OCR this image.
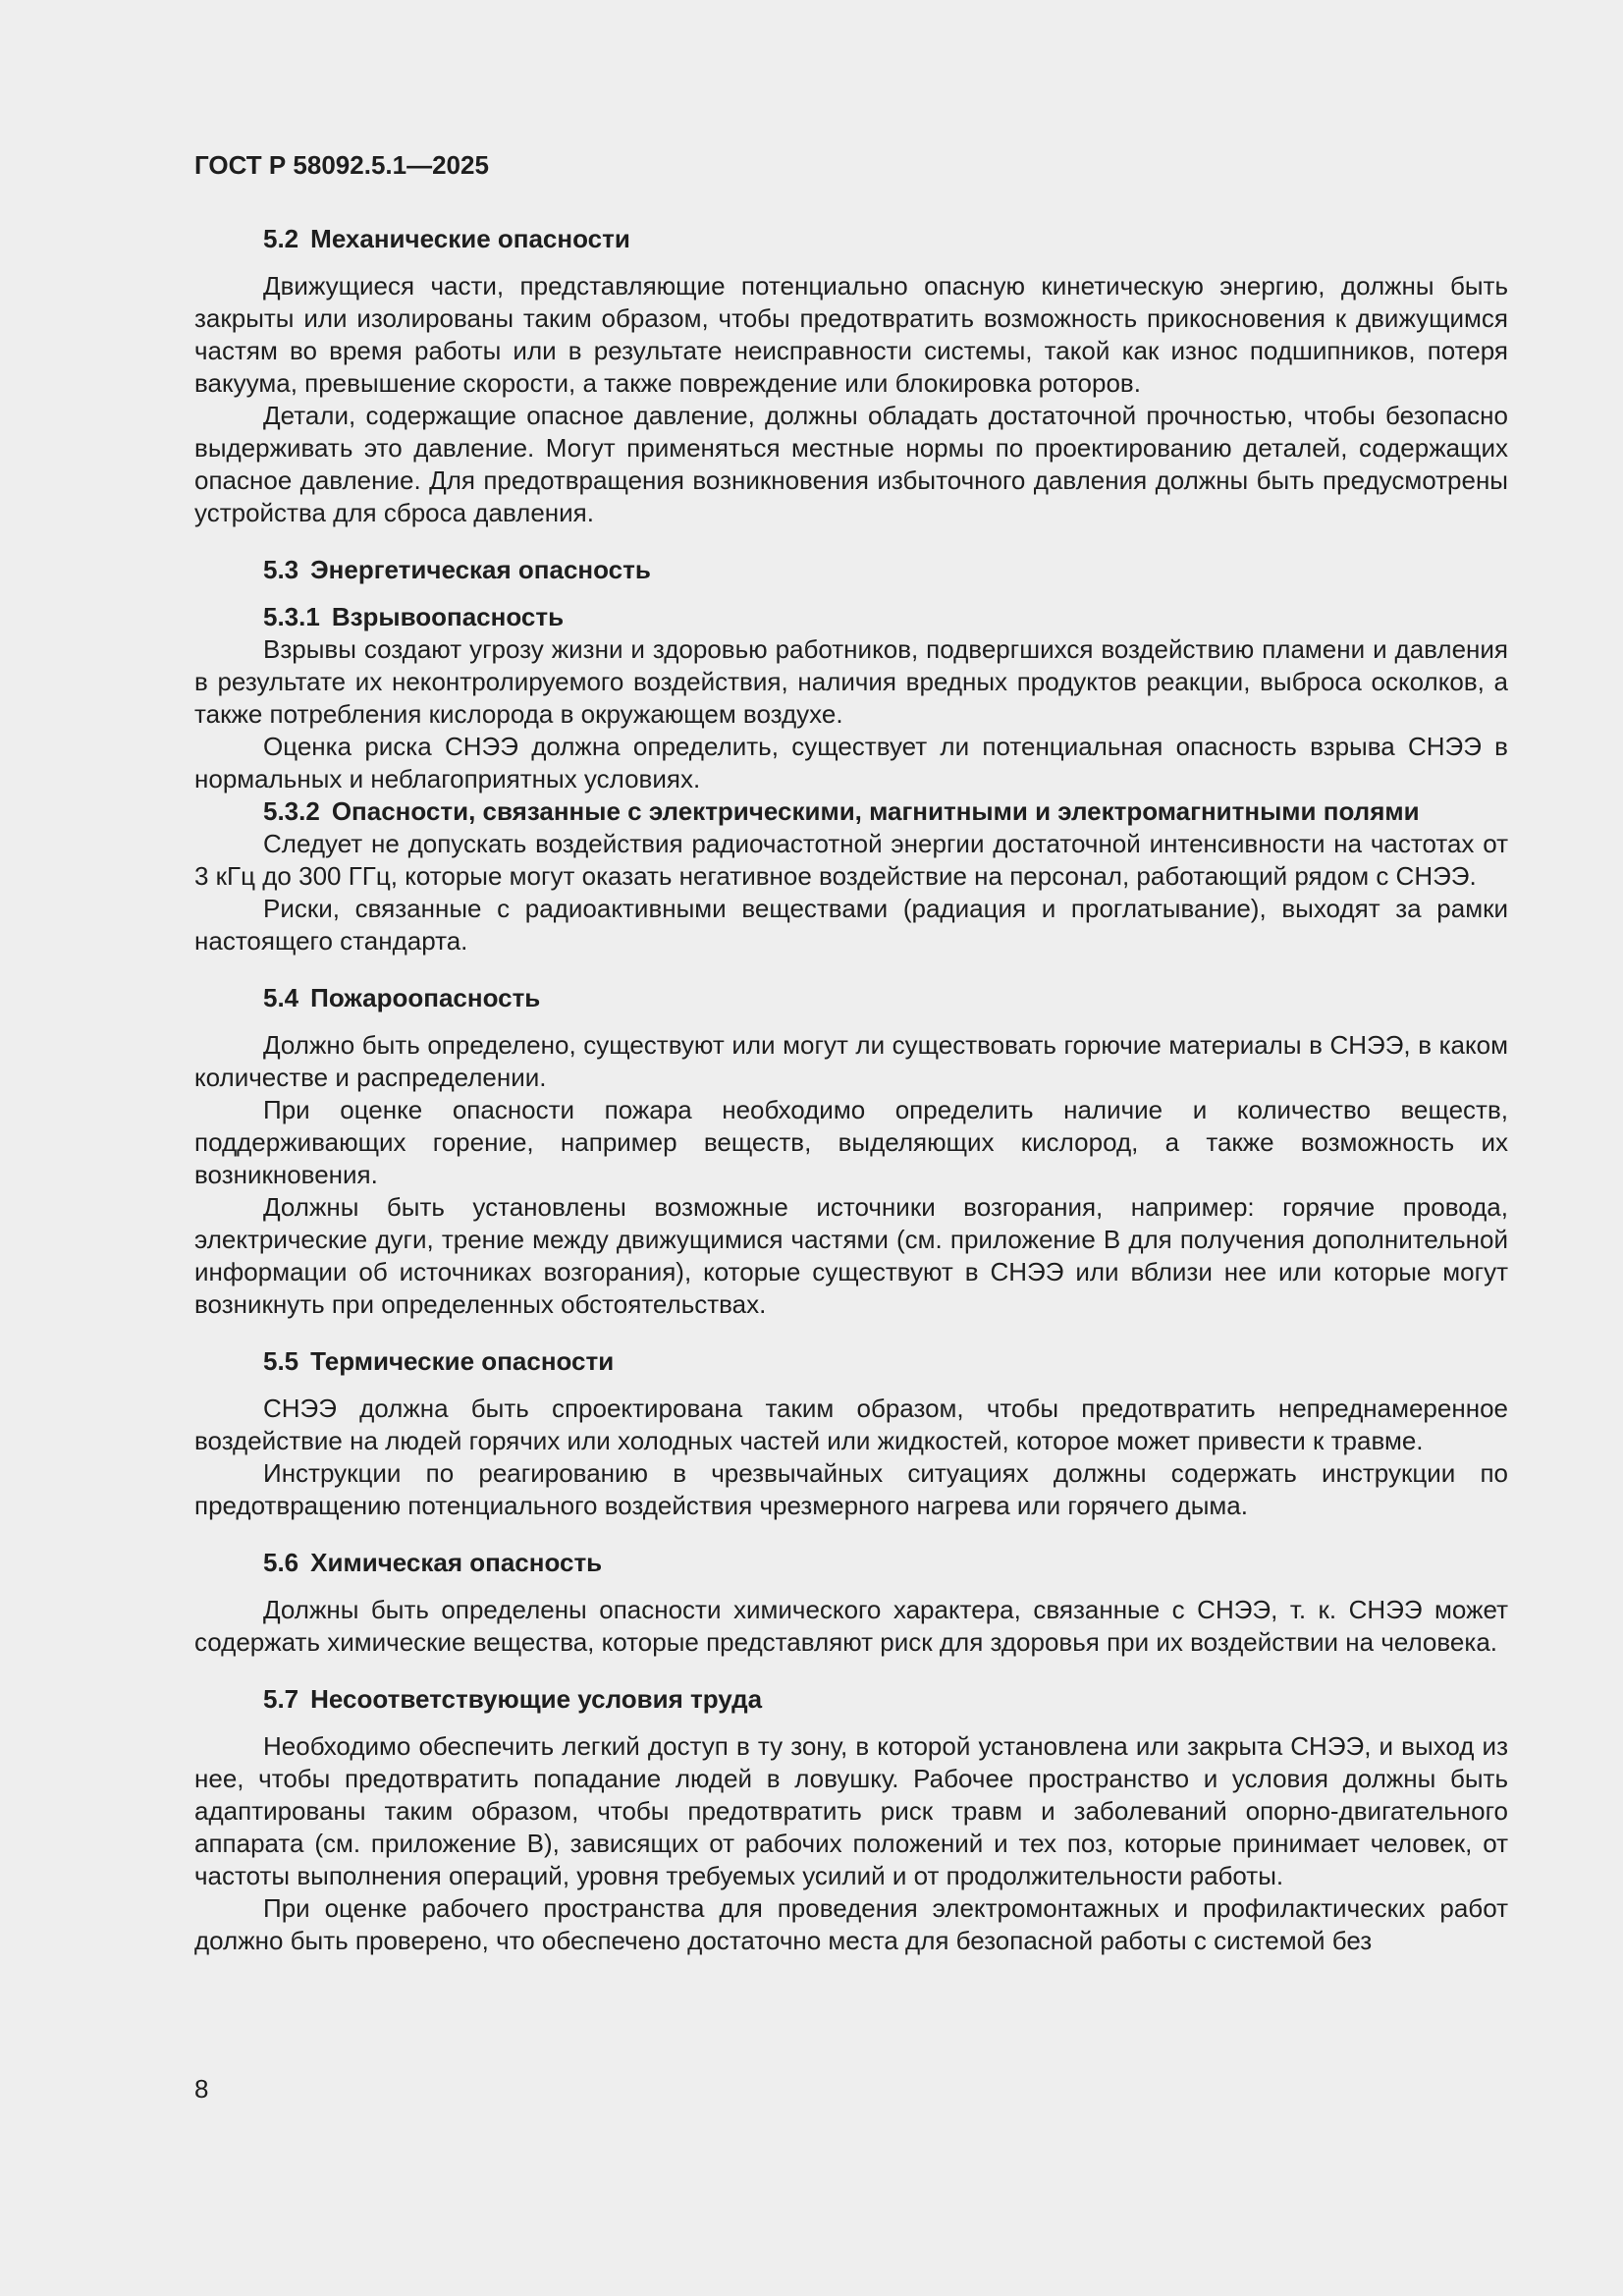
ГОСТ Р 58092.5.1—2025
5.2 Механические опасности

Движущиеся части, представляющие потенциально опасную кинетическую энергию, должны быть закрыты или изолированы таким образом, чтобы предотвратить возможность прикосновения к движущимся частям во время работы или в результате неисправности системы, такой как износ подшипников, потеря вакуума, превышение скорости, а также повреждение или блокировка роторов.

Детали, содержащие опасное давление, должны обладать достаточной прочностью, чтобы безопасно выдерживать это давление. Могут применяться местные нормы по проектированию деталей, содержащих опасное давление. Для предотвращения возникновения избыточного давления должны быть предусмотрены устройства для сброса давления.

5.3 Энергетическая опасность
5.3.1 Взрывоопасность

Взрывы создают угрозу жизни и здоровью работников, подвергшихся воздействию пламени и давления в результате их неконтролируемого воздействия, наличия вредных продуктов реакции, выброса осколков, а также потребления кислорода в окружающем воздухе.

Оценка риска СНЭЭ должна определить, существует ли потенциальная опасность взрыва СНЭЭ в нормальных и неблагоприятных условиях.

5.3.2 Опасности, связанные с электрическими, магнитными и электромагнитными полями

Следует не допускать воздействия радиочастотной энергии достаточной интенсивности на частотах от 3 кГц до 300 ГГц, которые могут оказать негативное воздействие на персонал, работающий рядом с СНЭЭ.

Риски, связанные с радиоактивными веществами (радиация и проглатывание), выходят за рамки настоящего стандарта.

5.4 Пожароопасность

Должно быть определено, существуют или могут ли существовать горючие материалы в СНЭЭ, в каком количестве и распределении.

При оценке опасности пожара необходимо определить наличие и количество веществ, поддерживающих горение, например веществ, выделяющих кислород, а также возможность их возникновения.

Должны быть установлены возможные источники возгорания, например: горячие провода, электрические дуги, трение между движущимися частями (см. приложение В для получения дополнительной информации об источниках возгорания), которые существуют в СНЭЭ или вблизи нее или которые могут возникнуть при определенных обстоятельствах.

5.5 Термические опасности

СНЭЭ должна быть спроектирована таким образом, чтобы предотвратить непреднамеренное воздействие на людей горячих или холодных частей или жидкостей, которое может привести к травме.

Инструкции по реагированию в чрезвычайных ситуациях должны содержать инструкции по предотвращению потенциального воздействия чрезмерного нагрева или горячего дыма.

5.6 Химическая опасность

Должны быть определены опасности химического характера, связанные с СНЭЭ, т. к. СНЭЭ может содержать химические вещества, которые представляют риск для здоровья при их воздействии на человека.

5.7 Несоответствующие условия труда

Необходимо обеспечить легкий доступ в ту зону, в которой установлена или закрыта СНЭЭ, и выход из нее, чтобы предотвратить попадание людей в ловушку. Рабочее пространство и условия должны быть адаптированы таким образом, чтобы предотвратить риск травм и заболеваний опорно-двигательного аппарата (см. приложение В), зависящих от рабочих положений и тех поз, которые принимает человек, от частоты выполнения операций, уровня требуемых усилий и от продолжительности работы.

При оценке рабочего пространства для проведения электромонтажных и профилактических работ должно быть проверено, что обеспечено достаточно места для безопасной работы с системой без

8
